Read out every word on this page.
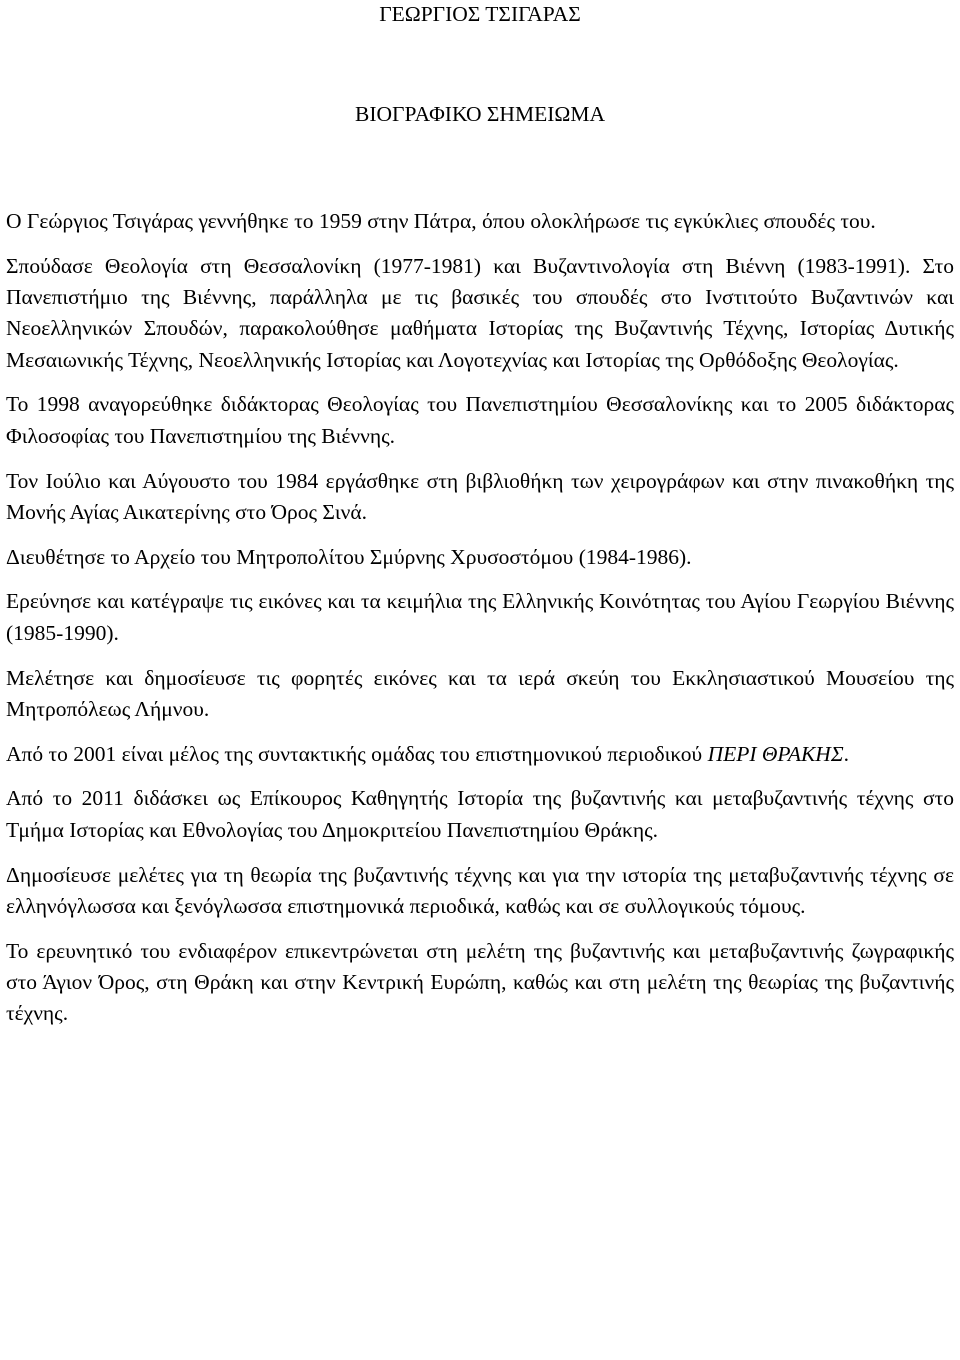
ΓΕΩΡΓΙΟΣ ΤΣΙΓΑΡΑΣ
ΒΙΟΓΡΑΦΙΚΟ ΣΗΜΕΙΩΜΑ

Ο Γεώργιος Τσιγάρας γεννήθηκε το 1959 στην Πάτρα, όπου ολοκλήρωσε τις εγκύκλιες σπουδές του.

Σπούδασε Θεολογία στη Θεσσαλονίκη (1977-1981) και Βυζαντινολογία στη Βιέννη (1983-1991). Στο Πανεπιστήμιο της Βιέννης, παράλληλα με τις βασικές του σπουδές στο Ινστιτούτο Βυζαντινών και Νεοελληνικών Σπουδών, παρακολούθησε μαθήματα Ιστορίας της Βυζαντινής Τέχνης, Ιστορίας Δυτικής Μεσαιωνικής Τέχνης, Νεοελληνικής Ιστορίας και Λογοτεχνίας και Ιστορίας της Ορθόδοξης Θεολογίας.

Το 1998 αναγορεύθηκε διδάκτορας Θεολογίας του Πανεπιστημίου Θεσσαλονίκης και το 2005 διδάκτορας Φιλοσοφίας του Πανεπιστημίου της Βιέννης.

Τον Ιούλιο και Αύγουστο του 1984 εργάσθηκε στη βιβλιοθήκη των χειρογράφων και στην πινακοθήκη της Μονής Αγίας Αικατερίνης στο Όρος Σινά.

Διευθέτησε το Αρχείο του Μητροπολίτου Σμύρνης Χρυσοστόμου (1984-1986).

Ερεύνησε και κατέγραψε τις εικόνες και τα κειμήλια της Ελληνικής Κοινότητας του Αγίου Γεωργίου Βιέννης (1985-1990).

Μελέτησε και δημοσίευσε τις φορητές εικόνες και τα ιερά σκεύη του Εκκλησιαστικού Μουσείου της Μητροπόλεως Λήμνου.

Από το 2001 είναι μέλος της συντακτικής ομάδας του επιστημονικού περιοδικού ΠΕΡΙ ΘΡΑΚΗΣ.

Από το 2011 διδάσκει ως Επίκουρος Καθηγητής Ιστορία της βυζαντινής και μεταβυζαντινής τέχνης στο Τμήμα Ιστορίας και Εθνολογίας του Δημοκριτείου Πανεπιστημίου Θράκης.

Δημοσίευσε μελέτες για τη θεωρία της βυζαντινής τέχνης και για την ιστορία της μεταβυζαντινής τέχνης σε ελληνόγλωσσα και ξενόγλωσσα επιστημονικά περιοδικά, καθώς και σε συλλογικούς τόμους.

Το ερευνητικό του ενδιαφέρον επικεντρώνεται στη μελέτη της βυζαντινής και μεταβυζαντινής ζωγραφικής στο Άγιον Όρος, στη Θράκη και στην Κεντρική Ευρώπη, καθώς και στη μελέτη της θεωρίας της βυζαντινής τέχνης.
